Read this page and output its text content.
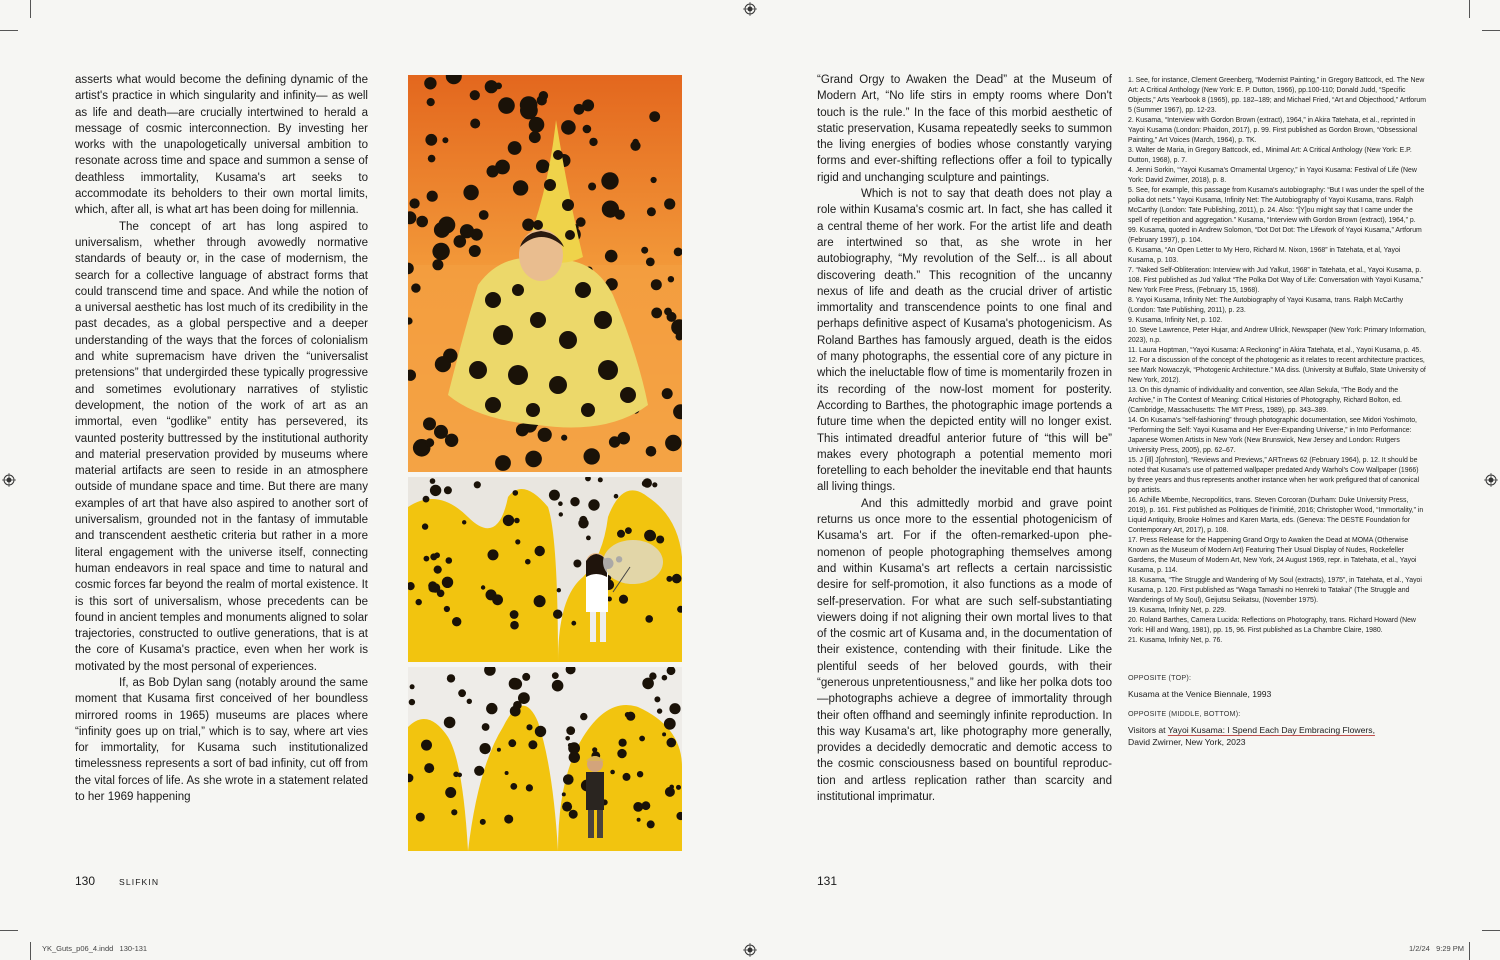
asserts what would become the defining dynamic of the artist's practice in which singularity and infinity— as well as life and death—are crucially intertwined to herald a message of cosmic interconnection. By investing her works with the unapologetically universal ambition to resonate across time and space and summon a sense of deathless immortality, Kusama's art seeks to accommodate its beholders to their own mortal limits, which, after all, is what art has been doing for millennia.

The concept of art has long aspired to universalism, whether through avowedly normative standards of beauty or, in the case of modernism, the search for a collective language of abstract forms that could transcend time and space. And while the notion of a universal aesthetic has lost much of its credibility in the past decades, as a global perspective and a deeper understanding of the ways that the forces of colonialism and white supremacism have driven the “universalist pretensions” that undergirded these typically progressive and sometimes evolutionary narratives of stylistic development, the notion of the work of art as an immortal, even “godlike” entity has persevered, its vaunted posterity buttressed by the institutional authority and material preservation provided by museums where material artifacts are seen to reside in an atmosphere outside of mundane space and time. But there are many examples of art that have also aspired to another sort of universalism, grounded not in the fantasy of immutable and transcendent aesthetic criteria but rather in a more literal engagement with the universe itself, connecting human endeavors in real space and time to natural and cosmic forces far beyond the realm of mortal existence. It is this sort of universalism, whose precedents can be found in ancient temples and monuments aligned to solar trajectories, constructed to outlive generations, that is at the core of Kusama's practice, even when her work is motivated by the most personal of experiences.

If, as Bob Dylan sang (notably around the same moment that Kusama first conceived of her boundless mirrored rooms in 1965) museums are places where “infinity goes up on trial,” which is to say, where art vies for immortality, for Kusama such institutionalized timelessness represents a sort of bad infinity, cut off from the vital forces of life. As she wrote in a statement related to her 1969 happening

130	SLIFKIN

“Grand Orgy to Awaken the Dead” at the Museum of Modern Art, “No life stirs in empty rooms where Don't touch is the rule.” In the face of this morbid aesthetic of static preservation, Kusama repeatedly seeks to summon the living energies of bodies whose constantly varying forms and ever-shifting reflections offer a foil to typically rigid and unchanging sculpture and paintings.

Which is not to say that death does not play a role within Kusama's cosmic art. In fact, she has called it a central theme of her work. For the artist life and death are intertwined so that, as she wrote in her autobiography, “My revolution of the Self... is all about discovering death.” This recognition of the uncanny nexus of life and death as the crucial driver of artistic immortality and transcendence points to one final and perhaps definitive aspect of Kusama's photogenicism. As Roland Barthes has famously argued, death is the eidos of many photographs, the essential core of any picture in which the ineluctable flow of time is momentarily frozen in its recording of the now-lost moment for posterity. According to Barthes, the photographic image portends a future time when the depicted entity will no longer exist. This intimated dreadful anterior future of “this will be” makes every photograph a potential memento mori foretelling to each beholder the inevitable end that haunts all living things.

And this admittedly morbid and grave point returns us once more to the essential photogenicism of Kusama's art. For if the often-remarked-upon phenomenon of people photographing themselves among and within Kusama's art reflects a certain narcissistic desire for self-promotion, it also functions as a mode of self-preservation. For what are such self-substantiating viewers doing if not aligning their own mortal lives to that of the cosmic art of Kusama and, in the documentation of their existence, contending with their finitude. Like the plentiful seeds of her beloved gourds, with their “generous unpretentiousness,” and like her polka dots too—photographs achieve a degree of immortality through their often offhand and seemingly infinite reproduction. In this way Kusama's art, like photography more generally, provides a decidedly democratic and demotic access to the cosmic consciousness based on bountiful reproduction and artless replication rather than scarcity and institutional imprimatur.

1. See, for instance, Clement Greenberg, “Modernist Painting,” in Gregory Battcock, ed. The New Art: A Critical Anthology (New York: E. P. Dutton, 1966), pp.100-110; Donald Judd, “Specific Objects,” Arts Yearbook 8 (1965), pp. 182–189; and Michael Fried, “Art and Objecthood,” Artforum 5 (Summer 1967), pp. 12-23.
2. Kusama, “Interview with Gordon Brown (extract), 1964,” in Akira Tatehata, et al., reprinted in Yayoi Kusama (London: Phaidon, 2017), p. 99. First published as Gordon Brown, “Obsessional Painting,” Art Voices (March, 1964), p. TK.
3. Walter de Maria, in Gregory Battcock, ed., Minimal Art: A Critical Anthology (New York: E.P. Dutton, 1968), p. 7.
4. Jenni Sorkin, “Yayoi Kusama's Ornamental Urgency,” in Yayoi Kusama: Festival of Life (New York: David Zwirner, 2018), p. 8.
5. See, for example, this passage from Kusama's autobiography: “But I was under the spell of the polka dot nets.” Yayoi Kusama, Infinity Net: The Autobiography of Yayoi Kusama, trans. Ralph McCarthy (London: Tate Publishing, 2011), p. 24. Also: “[Y]ou might say that I came under the spell of repetition and aggregation.” Kusama, “Interview with Gordon Brown (extract), 1964,” p. 99. Kusama, quoted in Andrew Solomon, “Dot Dot Dot: The Lifework of Yayoi Kusama,” Artforum (February 1997), p. 104.
6. Kusama, “An Open Letter to My Hero, Richard M. Nixon, 1968” in Tatehata, et al, Yayoi Kusama, p. 103.
7. “Naked Self-Obliteration: Interview with Jud Yalkut, 1968” in Tatehata, et al., Yayoi Kusama, p. 108. First published as Jud Yalkut “The Polka Dot Way of Life: Conversation with Yayoi Kusama,” New York Free Press, (February 15, 1968).
8. Yayoi Kusama, Infinity Net: The Autobiography of Yayoi Kusama, trans. Ralph McCarthy (London: Tate Publishing, 2011), p. 23.
9. Kusama, Infinity Net, p. 102.
10. Steve Lawrence, Peter Hujar, and Andrew Ullrick, Newspaper (New York: Primary Information, 2023), n.p.
11. Laura Hoptman, “Yayoi Kusama: A Reckoning” in Akira Tatehata, et al., Yayoi Kusama, p. 45.
12. For a discussion of the concept of the photogenic as it relates to recent architecture practices, see Mark Nowaczyk, “Photogenic Architecture.” MA diss. (University at Buffalo, State University of New York, 2012).
13. On this dynamic of individuality and convention, see Allan Sekula, “The Body and the Archive,” in The Contest of Meaning: Critical Histories of Photography, Richard Bolton, ed. (Cambridge, Massachusetts: The MIT Press, 1989), pp. 343–389.
14. On Kusama's “self-fashioning” through photographic documentation, see Midori Yoshimoto, “Performing the Self: Yayoi Kusama and Her Ever-Expanding Universe,” in Into Performance: Japanese Women Artists in New York (New Brunswick, New Jersey and London: Rutgers University Press, 2005), pp. 62–67.
15. J [ill] J[ohnston], “Reviews and Previews,” ARTnews 62 (February 1964), p. 12. It should be noted that Kusama's use of patterned wallpaper predated Andy Warhol's Cow Wallpaper (1966) by three years and thus represents another instance when her work prefigured that of canonical pop artists.
16. Achille Mbembe, Necropolitics, trans. Steven Corcoran (Durham: Duke University Press, 2019), p. 161. First published as Politiques de l'inimitié, 2016; Christopher Wood, “Immortality,” in Liquid Antiquity, Brooke Holmes and Karen Marta, eds. (Geneva: The DESTE Foundation for Contemporary Art, 2017), p. 108.
17. Press Release for the Happening Grand Orgy to Awaken the Dead at MOMA (Otherwise Known as the Museum of Modern Art) Featuring Their Usual Display of Nudes, Rockefeller Gardens, the Museum of Modern Art, New York, 24 August 1969, repr. in Tatehata, et al., Yayoi Kusama, p. 114.
18. Kusama, “The Struggle and Wandering of My Soul (extracts), 1975”, in Tatehata, et al., Yayoi Kusama, p. 120. First published as “Waga Tamashi no Henreki to Tatakai” (The Struggle and Wanderings of My Soul), Geijutsu Seikatsu, (November 1975).
19. Kusama, Infinity Net, p. 229.
20. Roland Barthes, Camera Lucida: Reflections on Photography, trans. Richard Howard (New York: Hill and Wang, 1981), pp. 15, 96. First published as La Chambre Claire, 1980.
21. Kusama, Infinity Net, p. 76.
OPPOSITE (TOP):
Kusama at the Venice Biennale, 1993
OPPOSITE (MIDDLE, BOTTOM):
Visitors at Yayoi Kusama: I Spend Each Day Embracing Flowers,
David Zwirner, New York, 2023
131
YK_Guts_p06_4.indd   130-131	1/2/24   9:29 PM
